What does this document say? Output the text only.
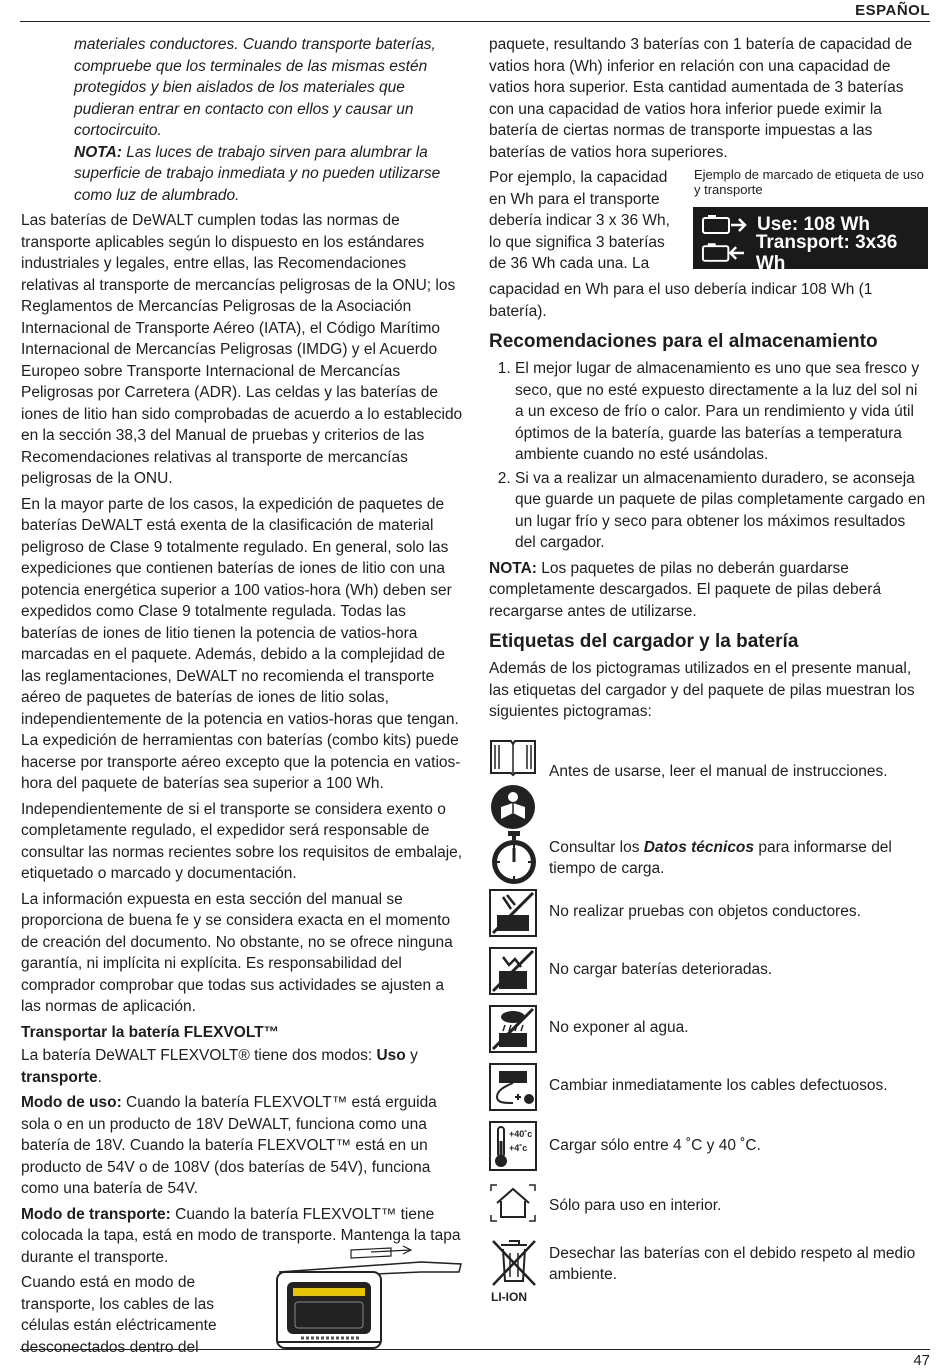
ESPAÑOL

materiales conductores. Cuando transporte baterías, compruebe que los terminales de las mismas estén protegidos y bien aislados de los materiales que pudieran entrar en contacto con ellos y causar un cortocircuito.
NOTA: Las luces de trabajo sirven para alumbrar la superficie de trabajo inmediata y no pueden utilizarse como luz de alumbrado.

Las baterías de DeWALT cumplen todas las normas de transporte aplicables según lo dispuesto en los estándares industriales y legales, entre ellas, las Recomendaciones relativas al transporte de mercancías peligrosas de la ONU; los Reglamentos de Mercancías Peligrosas de la Asociación Internacional de Transporte Aéreo (IATA), el Código Marítimo Internacional de Mercancías Peligrosas (IMDG) y el Acuerdo Europeo sobre Transporte Internacional de Mercancías Peligrosas por Carretera (ADR). Las celdas y las baterías de iones de litio han sido comprobadas de acuerdo a lo establecido en la sección 38,3 del Manual de pruebas y criterios de las Recomendaciones relativas al transporte de mercancías peligrosas de la ONU.

En la mayor parte de los casos, la expedición de paquetes de baterías DeWALT está exenta de la clasificación de material peligroso de Clase 9 totalmente regulado. En general, solo las expediciones que contienen baterías de iones de litio con una potencia energética superior a 100 vatios-hora (Wh) deben ser expedidos como Clase 9 totalmente regulada. Todas las baterías de iones de litio tienen la potencia de vatios-hora marcadas en el paquete. Además, debido a la complejidad de las reglamentaciones, DeWALT no recomienda el transporte aéreo de paquetes de baterías de iones de litio solas, independientemente de la potencia en vatios-horas que tengan. La expedición de herramientas con baterías (combo kits) puede hacerse por transporte aéreo excepto que la potencia en vatios-hora del paquete de baterías sea superior a 100 Wh.

Independientemente de si el transporte se considera exento o completamente regulado, el expedidor será responsable de consultar las normas recientes sobre los requisitos de embalaje, etiquetado o marcado y documentación.

La información expuesta en esta sección del manual se proporciona de buena fe y se considera exacta en el momento de creación del documento. No obstante, no se ofrece ninguna garantía, ni implícita ni explícita. Es responsabilidad del comprador comprobar que todas sus actividades se ajusten a las normas de aplicación.

Transportar la batería FLEXVOLT™

La batería DeWALT FLEXVOLT® tiene dos modos: Uso y transporte.

Modo de uso: Cuando la batería FLEXVOLT™ está erguida sola o en un producto de 18V DeWALT, funciona como una batería de 18V. Cuando la batería FLEXVOLT™ está en un producto de 54V o de 108V (dos baterías de 54V), funciona como una batería de 54V.

Modo de transporte: Cuando la batería FLEXVOLT™ tiene colocada la tapa, está en modo de transporte. Mantenga la tapa durante el transporte.

Cuando está en modo de transporte, los cables de las células están eléctricamente desconectados dentro del

paquete, resultando 3 baterías con 1 batería de capacidad de vatios hora (Wh) inferior en relación con una capacidad de vatios hora superior. Esta cantidad aumentada de 3 baterías con una capacidad de vatios hora inferior puede eximir la batería de ciertas normas de transporte impuestas a las baterías de vatios hora superiores.

Por ejemplo, la capacidad en Wh para el transporte debería indicar 3 x 36 Wh, lo que significa 3 baterías de 36 Wh cada una. La
Ejemplo de marcado de etiqueta de uso y transporte
Use: 108 Wh
Transport: 3x36 Wh

capacidad en Wh para el uso debería indicar 108 Wh (1 batería).

Recomendaciones para el almacenamiento
1. El mejor lugar de almacenamiento es uno que sea fresco y seco, que no esté expuesto directamente a la luz del sol ni a un exceso de frío o calor. Para un rendimiento y vida útil óptimos de la batería, guarde las baterías a temperatura ambiente cuando no esté usándolas.
2. Si va a realizar un almacenamiento duradero, se aconseja que guarde un paquete de pilas completamente cargado en un lugar frío y seco para obtener los máximos resultados del cargador.

NOTA: Los paquetes de pilas no deberán guardarse completamente descargados. El paquete de pilas deberá recargarse antes de utilizarse.

Etiquetas del cargador y la batería

Además de los pictogramas utilizados en el presente manual, las etiquetas del cargador y del paquete de pilas muestran los siguientes pictogramas:

Antes de usarse, leer el manual de instrucciones.
Consultar los Datos técnicos para informarse del tiempo de carga.
No realizar pruebas con objetos conductores.
No cargar baterías deterioradas.
No exponer al agua.
Cambiar inmediatamente los cables defectuosos.
+40˚c
+4˚c Cargar sólo entre 4 ˚C y 40 ˚C.
Sólo para uso en interior.
LI-ION
Desechar las baterías con el debido respeto al medio ambiente.
47
